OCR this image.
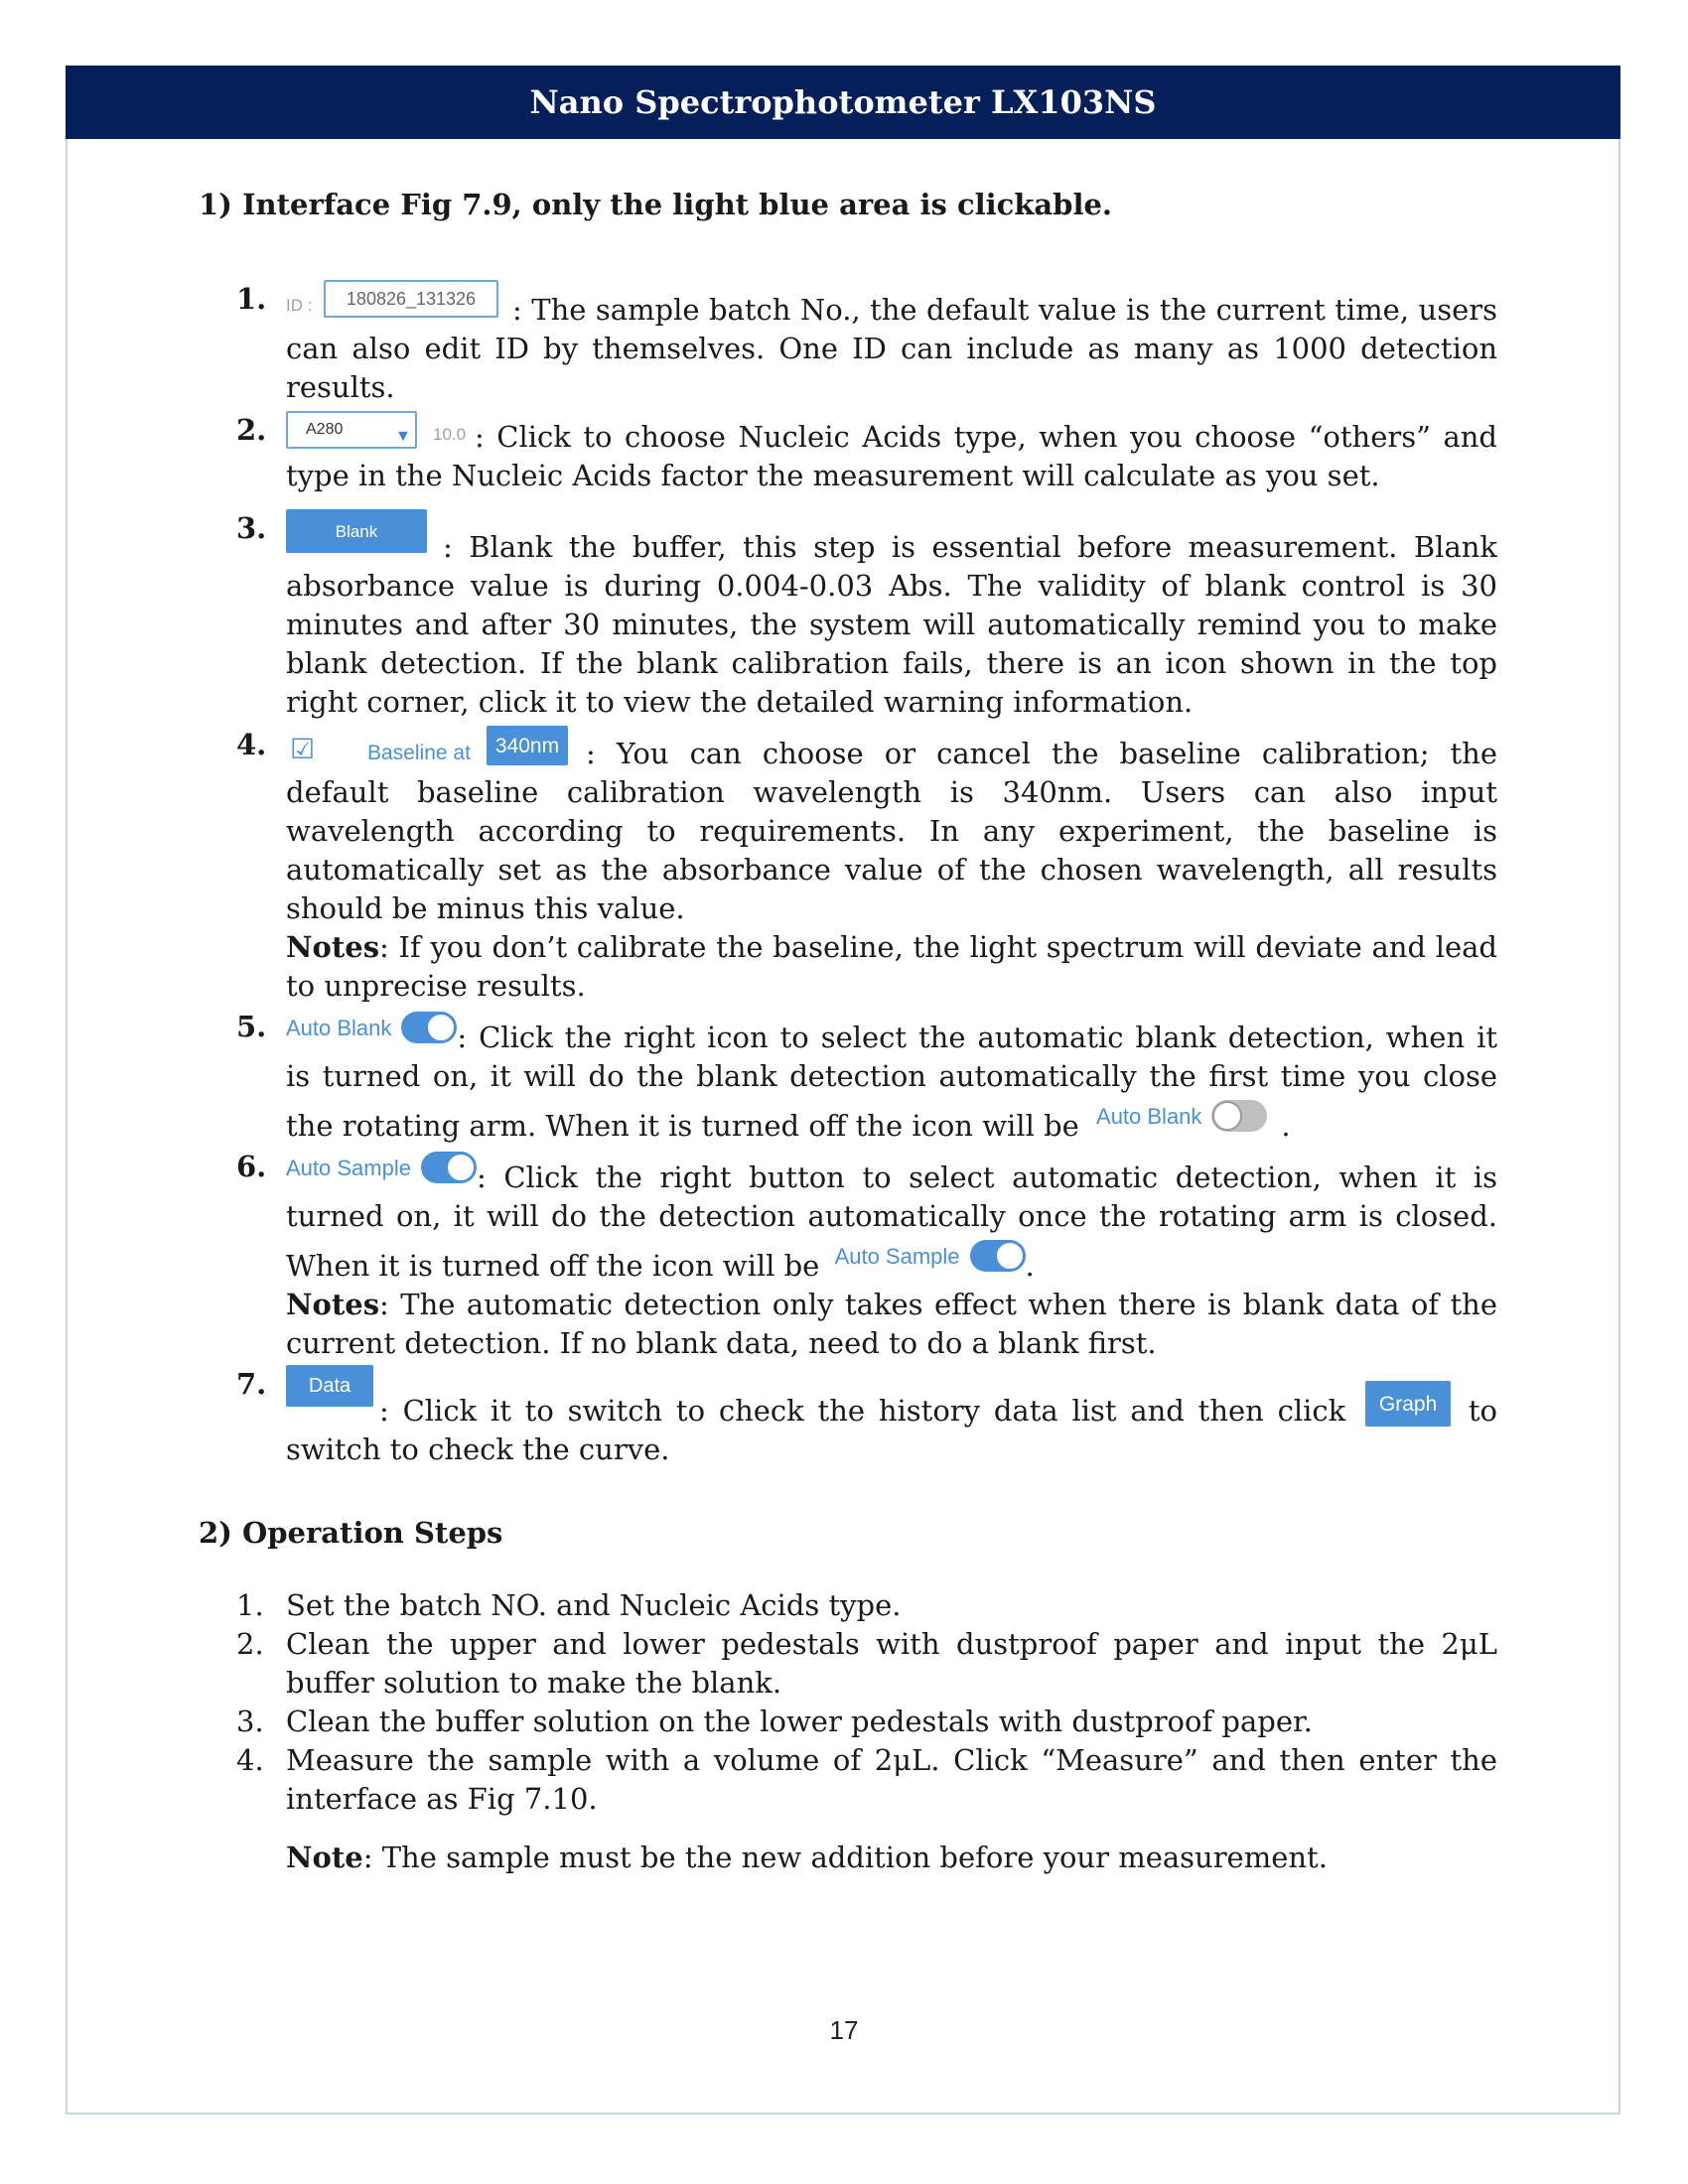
Nano Spectrophotometer LX103NS
1) Interface Fig 7.9, only the light blue area is clickable.
1. ID :	180826_131326	: The sample batch No., the default value is the current time, users can also edit ID by themselves. One ID can include as many as 1000 detection results.
2.	A280	▼ 10.0 : Click to choose Nucleic Acids type, when you choose “others” and type in the Nucleic Acids factor the measurement will calculate as you set.
3.	Blank	: Blank the buffer, this step is essential before measurement. Blank absorbance value is during 0.004-0.03 Abs. The validity of blank control is 30 minutes and after 30 minutes, the system will automatically remind you to make blank detection. If the blank calibration fails, there is an icon shown in the top right corner, click it to view the detailed warning information.
4. ☑	Baseline at	340nm : You can choose or cancel the baseline calibration; the default baseline calibration wavelength is 340nm. Users can also input wavelength according to requirements. In any experiment, the baseline is automatically set as the absorbance value of the chosen wavelength, all results should be minus this value.
Notes: If you don’t calibrate the baseline, the light spectrum will deviate and lead to unprecise results.
5. Auto Blank : Click the right icon to select the automatic blank detection, when it is turned on, it will do the blank detection automatically the first time you close the rotating arm. When it is turned off the icon will be Auto Blank	.
6. Auto Sample : Click the right button to select automatic detection, when it is turned on, it will do the detection automatically once the rotating arm is closed. When it is turned off the icon will be Auto Sample .
Notes: The automatic detection only takes effect when there is blank data of the current detection. If no blank data, need to do a blank first.
7.	Data
: Click it to switch to check the history data list and then click	Graph	to switch to check the curve.
2) Operation Steps
1. Set the batch NO. and Nucleic Acids type.
2. Clean the upper and lower pedestals with dustproof paper and input the 2μL buffer solution to make the blank.
3. Clean the buffer solution on the lower pedestals with dustproof paper.
4. Measure the sample with a volume of 2μL. Click “Measure” and then enter the interface as Fig 7.10.
Note: The sample must be the new addition before your measurement.
17
